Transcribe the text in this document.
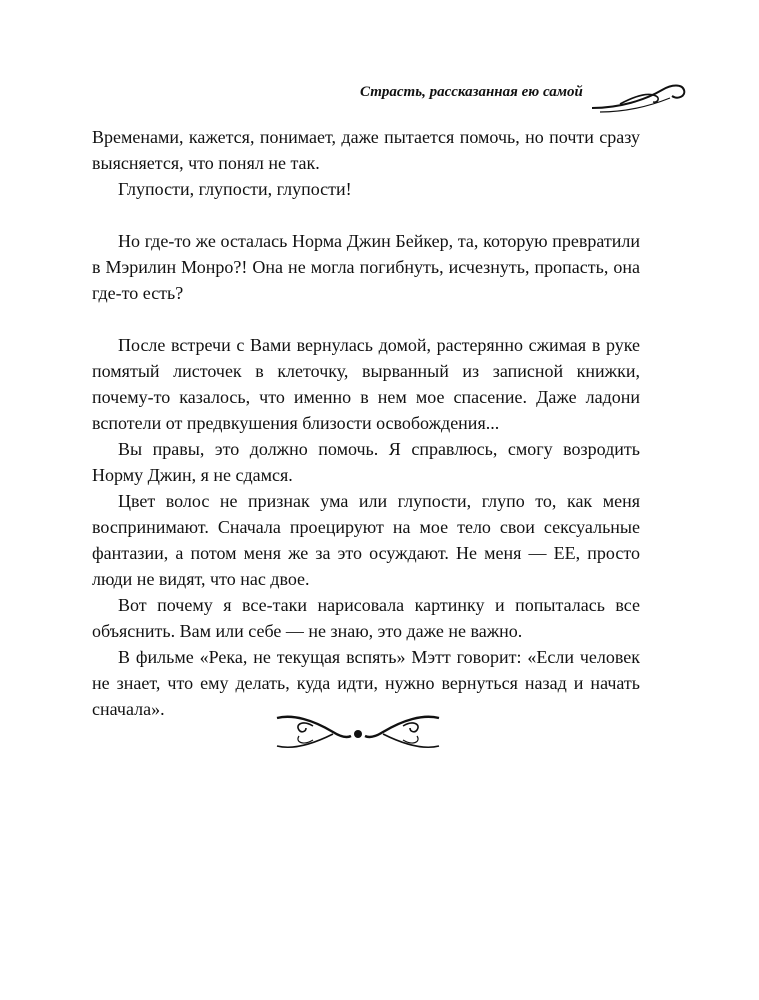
Страсть, рассказанная ею самой

Временами, кажется, понимает, даже пытается помочь, но почти сразу выясняется, что понял не так.

Глупости, глупости, глупости!

Но где-то же осталась Норма Джин Бейкер, та, которую превратили в Мэрилин Монро?! Она не могла погибнуть, исчезнуть, пропасть, она где-то есть?

После встречи с Вами вернулась домой, растерянно сжимая в руке помятый листочек в клеточку, вырванный из записной книжки, почему-то казалось, что именно в нем мое спасение. Даже ладони вспотели от предвкушения близости освобождения...

Вы правы, это должно помочь. Я справлюсь, смогу возродить Норму Джин, я не сдамся.

Цвет волос не признак ума или глупости, глупо то, как меня воспринимают. Сначала проецируют на мое тело свои сексуальные фантазии, а потом меня же за это осуждают. Не меня — ЕЕ, просто люди не видят, что нас двое.

Вот почему я все-таки нарисовала картинку и попыталась все объяснить. Вам или себе — не знаю, это даже не важно.

В фильме «Река, не текущая вспять» Мэтт говорит: «Если человек не знает, что ему делать, куда идти, нужно вернуться назад и начать сначала».
